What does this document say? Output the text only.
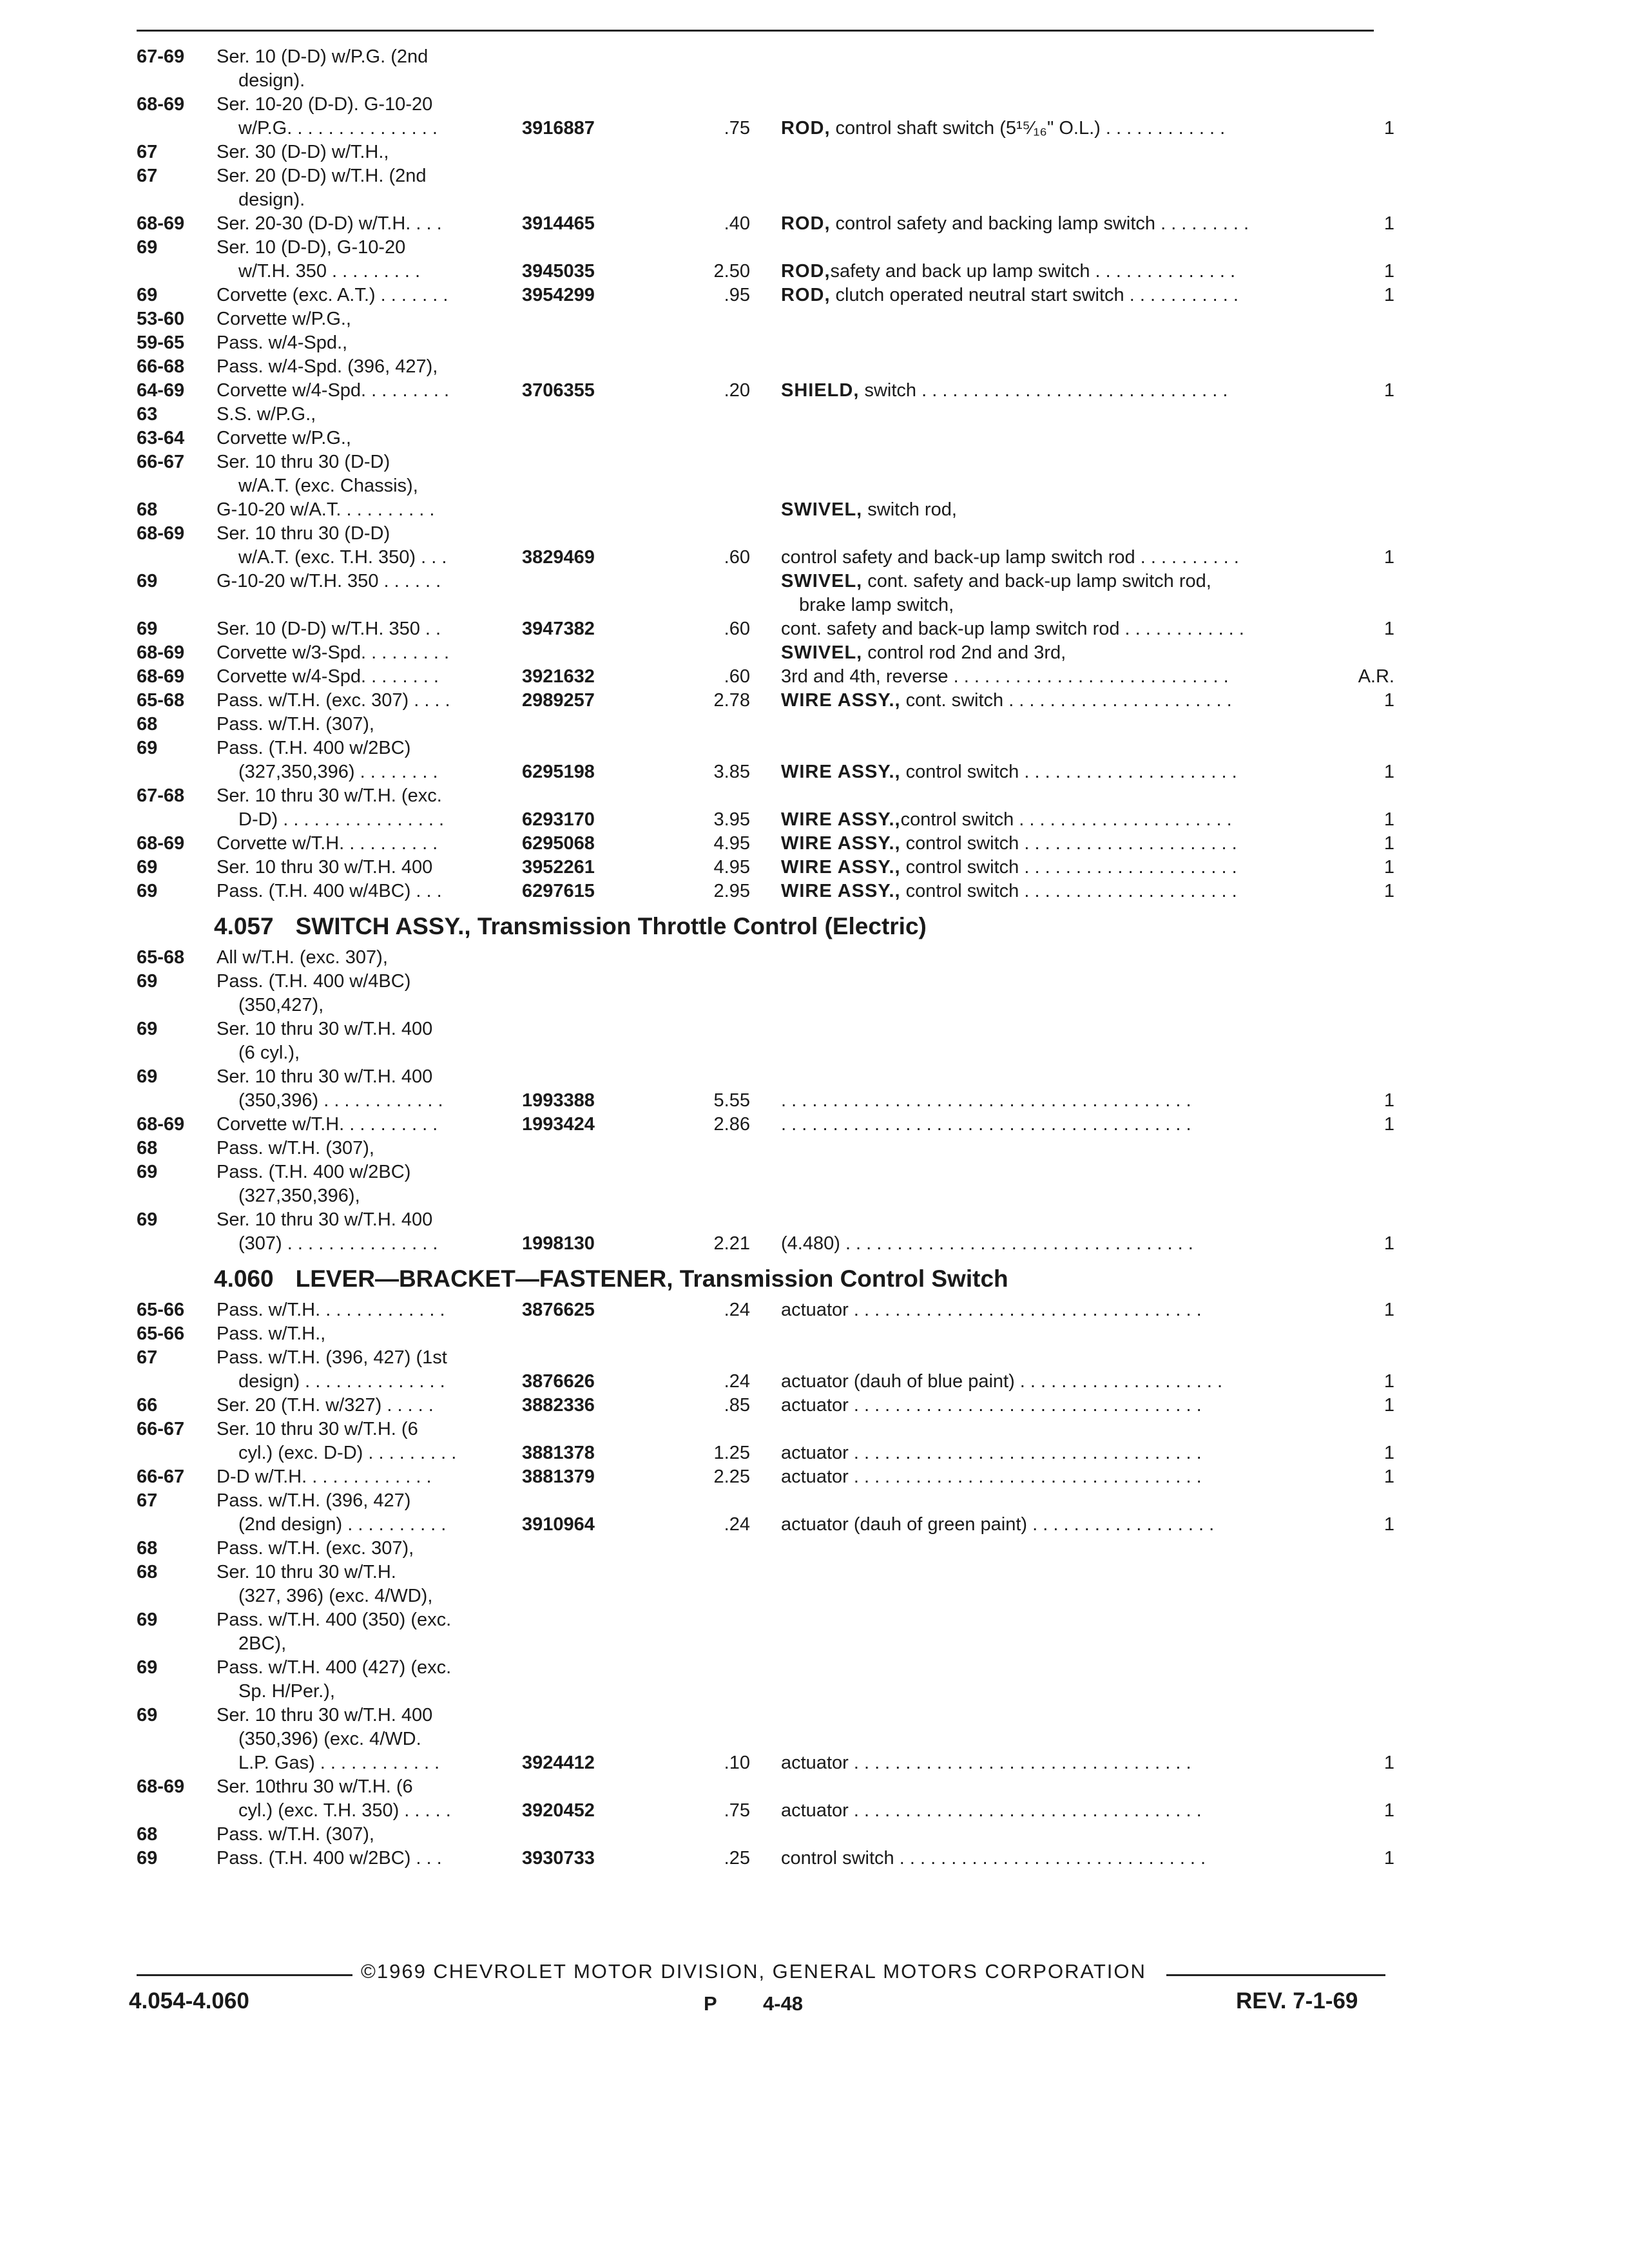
67-69 Ser. 10 (D-D) w/P.G. (2nd
design).
68-69 Ser. 10-20 (D-D). G-10-20
w/P.G. . . . . . . . . . . . . . .	3916887	.75 ROD, control shaft switch (5¹⁵⁄₁₆" O.L.) . . . . . . . . . . . .	1
67	Ser. 30 (D-D) w/T.H.,
67	Ser. 20 (D-D) w/T.H. (2nd
design).
68-69 Ser. 20-30 (D-D) w/T.H. . . .	3914465	.40 ROD, control safety and backing lamp switch . . . . . . . . .	1
69	Ser. 10 (D-D), G-10-20
w/T.H. 350 . . . . . . . . .	3945035	2.50 ROD,safety and back up lamp switch . . . . . . . . . . . . . .	1
69	Corvette (exc. A.T.) . . . . . . .	3954299	.95 ROD, clutch operated neutral start switch . . . . . . . . . . .	1
53-60 Corvette w/P.G.,
59-65 Pass. w/4-Spd.,
66-68 Pass. w/4-Spd. (396, 427),
64-69 Corvette w/4-Spd. . . . . . . . .	3706355	.20 SHIELD, switch . . . . . . . . . . . . . . . . . . . . . . . . . . . . . .	1
63	S.S. w/P.G.,
63-64 Corvette w/P.G.,
66-67 Ser. 10 thru 30 (D-D)
w/A.T. (exc. Chassis),
68	G-10-20 w/A.T. . . . . . . . . .	SWIVEL, switch rod,
68-69 Ser. 10 thru 30 (D-D)
w/A.T. (exc. T.H. 350) . . .	3829469	.60 control safety and back-up lamp switch rod . . . . . . . . . .	1
69	G-10-20 w/T.H. 350 . . . . . .	SWIVEL, cont. safety and back-up lamp switch rod,
brake lamp switch,
69	Ser. 10 (D-D) w/T.H. 350 . .	3947382	.60 cont. safety and back-up lamp switch rod . . . . . . . . . . . .	1
68-69 Corvette w/3-Spd. . . . . . . . .	SWIVEL, control rod 2nd and 3rd,
68-69 Corvette w/4-Spd. . . . . . . .	3921632	.60 3rd and 4th, reverse . . . . . . . . . . . . . . . . . . . . . . . . . . .	A.R.
65-68 Pass. w/T.H. (exc. 307) . . . .	2989257	2.78 WIRE ASSY., cont. switch . . . . . . . . . . . . . . . . . . . . . .	1
68	Pass. w/T.H. (307),
69	Pass. (T.H. 400 w/2BC)
(327,350,396) . . . . . . . .	6295198	3.85 WIRE ASSY., control switch . . . . . . . . . . . . . . . . . . . . .	1
67-68 Ser. 10 thru 30 w/T.H. (exc.
D-D) . . . . . . . . . . . . . . . .	6293170	3.95 WIRE ASSY.,control switch . . . . . . . . . . . . . . . . . . . . .	1
68-69 Corvette w/T.H. . . . . . . . . .	6295068	4.95 WIRE ASSY., control switch . . . . . . . . . . . . . . . . . . . . .	1
69	Ser. 10 thru 30 w/T.H. 400	3952261	4.95 WIRE ASSY., control switch . . . . . . . . . . . . . . . . . . . . .	1
69	Pass. (T.H. 400 w/4BC) . . .	6297615	2.95 WIRE ASSY., control switch . . . . . . . . . . . . . . . . . . . . .	1
4.057 SWITCH ASSY., Transmission Throttle Control (Electric)
65-68 All w/T.H. (exc. 307),
69	Pass. (T.H. 400 w/4BC)
(350,427),
69	Ser. 10 thru 30 w/T.H. 400
(6 cyl.),
69	Ser. 10 thru 30 w/T.H. 400
(350,396) . . . . . . . . . . . .	1993388	5.55 . . . . . . . . . . . . . . . . . . . . . . . . . . . . . . . . . . . . . . . .	1
68-69 Corvette w/T.H. . . . . . . . . .	1993424	2.86 . . . . . . . . . . . . . . . . . . . . . . . . . . . . . . . . . . . . . . . .	1
68	Pass. w/T.H. (307),
69	Pass. (T.H. 400 w/2BC)
(327,350,396),
69	Ser. 10 thru 30 w/T.H. 400
(307) . . . . . . . . . . . . . . .	1998130	2.21 (4.480) . . . . . . . . . . . . . . . . . . . . . . . . . . . . . . . . . .	1
4.060 LEVER—BRACKET—FASTENER, Transmission Control Switch
65-66 Pass. w/T.H. . . . . . . . . . . . .	3876625	.24 actuator . . . . . . . . . . . . . . . . . . . . . . . . . . . . . . . . . .	1
65-66 Pass. w/T.H.,
67	Pass. w/T.H. (396, 427) (1st
design) . . . . . . . . . . . . . .	3876626	.24 actuator (dauh of blue paint) . . . . . . . . . . . . . . . . . . . .	1
66	Ser. 20 (T.H. w/327) . . . . .	3882336	.85 actuator . . . . . . . . . . . . . . . . . . . . . . . . . . . . . . . . . .	1
66-67 Ser. 10 thru 30 w/T.H. (6
cyl.) (exc. D-D) . . . . . . . . .	3881378	1.25 actuator . . . . . . . . . . . . . . . . . . . . . . . . . . . . . . . . . .	1
66-67 D-D w/T.H. . . . . . . . . . . . .	3881379	2.25 actuator . . . . . . . . . . . . . . . . . . . . . . . . . . . . . . . . . .	1
67	Pass. w/T.H. (396, 427)
(2nd design) . . . . . . . . . .	3910964	.24 actuator (dauh of green paint) . . . . . . . . . . . . . . . . . .	1
68	Pass. w/T.H. (exc. 307),
68	Ser. 10 thru 30 w/T.H.
(327, 396) (exc. 4/WD),
69	Pass. w/T.H. 400 (350) (exc.
2BC),
69	Pass. w/T.H. 400 (427) (exc.
Sp. H/Per.),
69	Ser. 10 thru 30 w/T.H. 400
(350,396) (exc. 4/WD.
L.P. Gas) . . . . . . . . . . . .	3924412	.10 actuator . . . . . . . . . . . . . . . . . . . . . . . . . . . . . . . . .	1
68-69 Ser. 10thru 30 w/T.H. (6
cyl.) (exc. T.H. 350) . . . . .	3920452	.75 actuator . . . . . . . . . . . . . . . . . . . . . . . . . . . . . . . . . .	1
68	Pass. w/T.H. (307),
69	Pass. (T.H. 400 w/2BC) . . .	3930733	.25 control switch . . . . . . . . . . . . . . . . . . . . . . . . . . . . . .	1
©1969 CHEVROLET MOTOR DIVISION, GENERAL MOTORS CORPORATION
4.054-4.060	P 4-48	REV. 7-1-69
